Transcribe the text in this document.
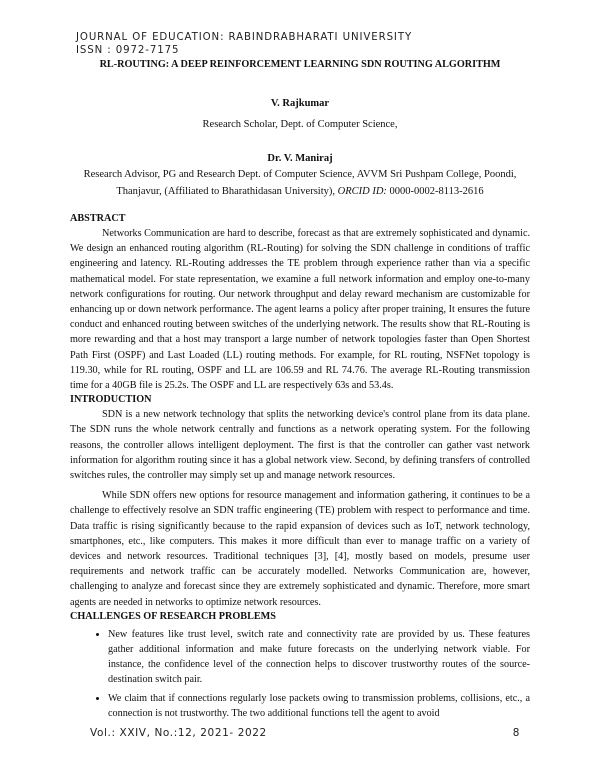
JOURNAL OF EDUCATION: RABINDRABHARATI UNIVERSITY
ISSN : 0972-7175
RL-ROUTING: A DEEP REINFORCEMENT LEARNING SDN ROUTING ALGORITHM
V. Rajkumar
Research Scholar, Dept. of Computer Science,
Dr. V. Maniraj
Research Advisor, PG and Research Dept. of Computer Science, AVVM Sri Pushpam College, Poondi, Thanjavur, (Affiliated to Bharathidasan University), ORCID ID: 0000-0002-8113-2616
ABSTRACT

Networks Communication are hard to describe, forecast as that are extremely sophisticated and dynamic. We design an enhanced routing algorithm (RL-Routing) for solving the SDN challenge in conditions of traffic engineering and latency. RL-Routing addresses the TE problem through experience rather than via a specific mathematical model. For state representation, we examine a full network information and employ one-to-many network configurations for routing. Our network throughput and delay reward mechanism are customizable for enhancing up or down network performance. The agent learns a policy after proper training, It ensures the future conduct and enhanced routing between switches of the underlying network. The results show that RL-Routing is more rewarding and that a host may transport a large number of network topologies faster than Open Shortest Path First (OSPF) and Last Loaded (LL) routing methods. For example, for RL routing, NSFNet topology is 119.30, while for RL routing, OSPF and LL are 106.59 and RL 74.76. The average RL-Routing transmission time for a 40GB file is 25.2s. The OSPF and LL are respectively 63s and 53.4s.

INTRODUCTION

SDN is a new network technology that splits the networking device's control plane from its data plane. The SDN runs the whole network centrally and functions as a network operating system. For the following reasons, the controller allows intelligent deployment. The first is that the controller can gather vast network information for algorithm routing since it has a global network view. Second, by defining transfers of controlled switches rules, the controller may simply set up and manage network resources.

While SDN offers new options for resource management and information gathering, it continues to be a challenge to effectively resolve an SDN traffic engineering (TE) problem with respect to performance and time. Data traffic is rising significantly because to the rapid expansion of devices such as IoT, network technology, smartphones, etc., like computers. This makes it more difficult than ever to manage traffic on a variety of devices and network resources. Traditional techniques [3], [4], mostly based on models, presume user requirements and network traffic can be accurately modelled. Networks Communication are, however, challenging to analyze and forecast since they are extremely sophisticated and dynamic. Therefore, more smart agents are needed in networks to optimize network resources.

CHALLENGES OF RESEARCH PROBLEMS
• New features like trust level, switch rate and connectivity rate are provided by us. These features gather additional information and make future forecasts on the underlying network viable. For instance, the confidence level of the connection helps to discover trustworthy routes of the source-destination switch pair.
• We claim that if connections regularly lose packets owing to transmission problems, collisions, etc., a connection is not trustworthy. The two additional functions tell the agent to avoid
Vol.: XXIV, No.:12, 2021- 2022	8
